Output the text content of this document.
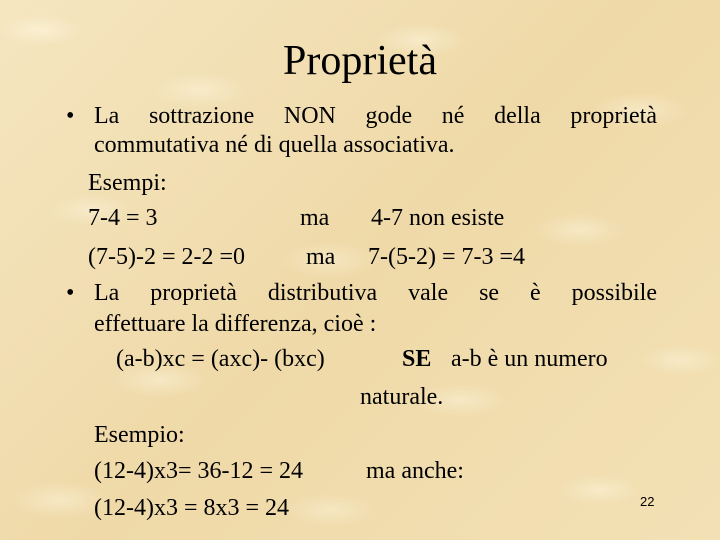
Proprietà
• La sottrazione NON gode né della proprietà
commutativa né di quella associativa.
Esempi:
7-4 = 3	ma 4-7 non esiste
(7-5)-2 = 2-2 =0	ma 7-(5-2) = 7-3 =4
• La proprietà distributiva vale se è possibile
effettuare la differenza, cioè :
(a-b)xc = (axc)- (bxc)	SE a-b è un numero
naturale.
Esempio:
(12-4)x3= 36-12 = 24	ma anche:
(12-4)x3 = 8x3 = 24	22
